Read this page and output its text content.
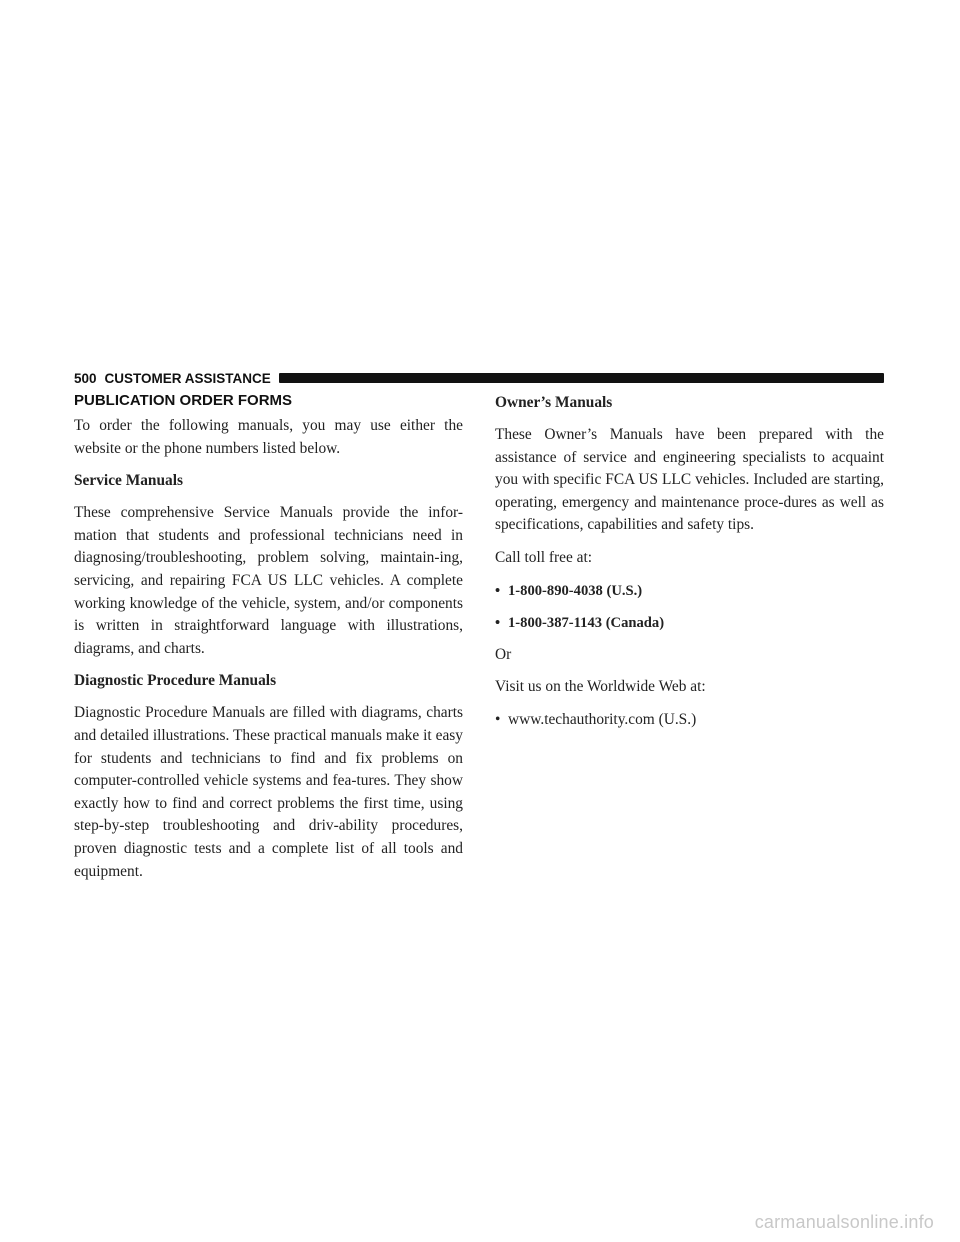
500 CUSTOMER ASSISTANCE
PUBLICATION ORDER FORMS

To order the following manuals, you may use either the website or the phone numbers listed below.

Service Manuals

These comprehensive Service Manuals provide the infor-mation that students and professional technicians need in diagnosing/troubleshooting, problem solving, maintain-ing, servicing, and repairing FCA US LLC vehicles. A complete working knowledge of the vehicle, system, and/or components is written in straightforward language with illustrations, diagrams, and charts.

Diagnostic Procedure Manuals

Diagnostic Procedure Manuals are filled with diagrams, charts and detailed illustrations. These practical manuals make it easy for students and technicians to find and fix problems on computer-controlled vehicle systems and fea-tures. They show exactly how to find and correct problems the first time, using step-by-step troubleshooting and driv-ability procedures, proven diagnostic tests and a complete list of all tools and equipment.

Owner’s Manuals

These Owner’s Manuals have been prepared with the assistance of service and engineering specialists to acquaint you with specific FCA US LLC vehicles. Included are starting, operating, emergency and maintenance proce-dures as well as specifications, capabilities and safety tips.

Call toll free at:

• 1-800-890-4038 (U.S.)
• 1-800-387-1143 (Canada)

Or

Visit us on the Worldwide Web at:

• www.techauthority.com (U.S.)
carmanualsonline.info
